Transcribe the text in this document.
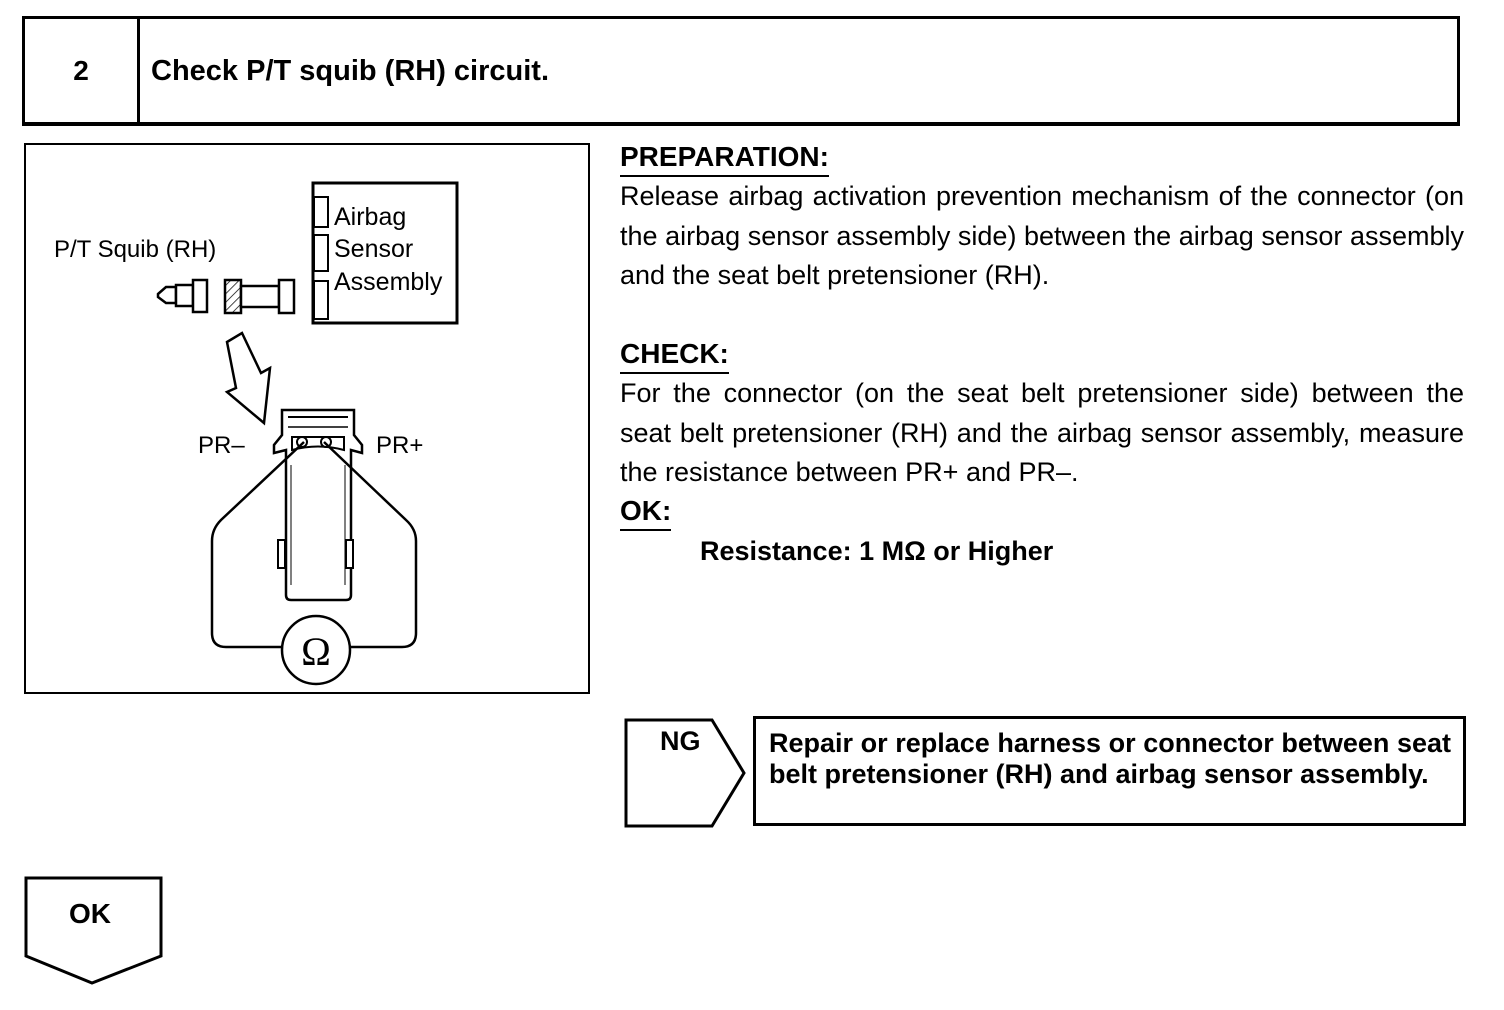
2	Check P/T squib (RH) circuit.
Airbag
Sensor
Assembly
P/T Squib (RH)
PR–	PR+
Ω
PREPARATION:
Release airbag activation prevention mechanism of the connector (on the airbag sensor assembly side) between the airbag sensor assembly and the seat belt pretensioner (RH).
CHECK:
For the connector (on the seat belt pretensioner side) between the seat belt pretensioner (RH) and the airbag sensor assembly, measure the resistance between PR+ and PR–.
OK:
Resistance: 1 MΩ or Higher
NG	Repair or replace harness or connector between seat belt pretensioner (RH) and airbag sensor assembly.
OK
